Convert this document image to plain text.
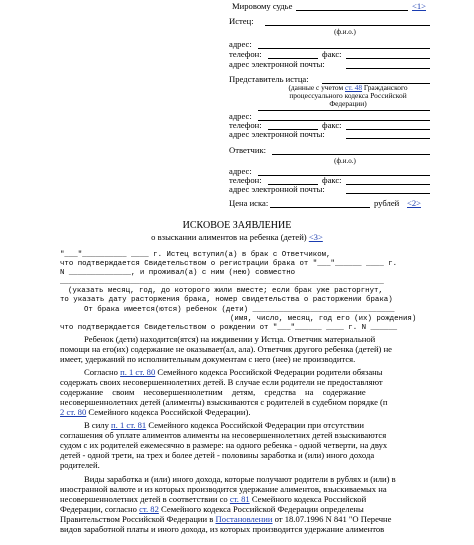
Мировому судье	<1>
Истец:
(ф.и.о.)
адрес:
телефон:	факс:
адрес электронной почты:
Представитель истца:
(данные с учетом ст. 48 Гражданского
процессуального кодекса Российской
Федерации)
адрес:
телефон:	факс:
адрес электронной почты:
Ответчик:
(ф.и.о.)
адрес:
телефон:	факс:
адрес электронной почты:
Цена иска:	рублей <2>
ИСКОВОЕ ЗАЯВЛЕНИЕ
о взыскании алиментов на ребенка (детей) <3>
"___"__________ ____ г. Истец вступил(а) в брак с Ответчиком,
что подтверждается Свидетельством о регистрации брака от "___"______ ____ г.
N ______________, и проживал(а) с ним (нею) совместно
_________________________________________________________________________
(указать месяц, год, до которого жили вместе; если брак уже расторгнут,
то указать дату расторжения брака, номер свидетельства о расторжении брака)
От брака имеется(ются) ребенок (дети) ________________________________
(имя, число, месяц, год его (их) рождения)
что подтверждается Свидетельством о рождении от "___"______ ____ г. N ______
Ребенок (дети) находится(ятся) на иждивении у Истца. Ответчик материальной
помощи на его(их) содержание не оказывает(ал, ала). Ответчик другого ребенка (детей) не
имеет, удержаний по исполнительным документам с него (нее) не производится.
Согласно п. 1 ст. 80 Семейного кодекса Российской Федерации родители обязаны
содержать своих несовершеннолетних детей. В случае если родители не предоставляют
содержание своим несовершеннолетним детям, средства на содержание
несовершеннолетних детей (алименты) взыскиваются с родителей в судебном порядке (п
2 ст. 80 Семейного кодекса Российской Федерации).
В силу п. 1 ст. 81 Семейного кодекса Российской Федерации при отсутствии
соглашения об уплате алиментов алименты на несовершеннолетних детей взыскиваются
судом с их родителей ежемесячно в размере: на одного ребенка - одной четверти, на двух
детей - одной трети, на трех и более детей - половины заработка и (или) иного дохода
родителей.
Виды заработка и (или) иного дохода, которые получают родители в рублях и (или) в
иностранной валюте и из которых производится удержание алиментов, взыскиваемых на
несовершеннолетних детей в соответствии со ст. 81 Семейного кодекса Российской
Федерации, согласно ст. 82 Семейного кодекса Российской Федерации определены
Правительством Российской Федерации в Постановлении от 18.07.1996 N 841 "О Перечне
видов заработной платы и иного дохода, из которых производится удержание алиментов
